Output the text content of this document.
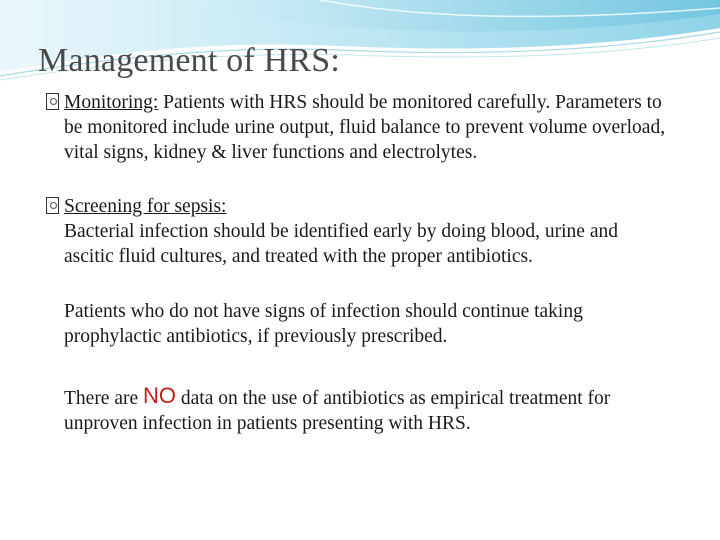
Management of HRS:

Monitoring: Patients with HRS should be monitored carefully. Parameters to be monitored include urine output, fluid balance to prevent volume overload, vital signs, kidney & liver functions and electrolytes.

Screening for sepsis:

Bacterial infection should be identified early by doing blood, urine and ascitic fluid cultures, and treated with the proper antibiotics.

Patients who do not have signs of infection should continue taking prophylactic antibiotics, if previously prescribed.

There are NO data on the use of antibiotics as empirical treatment for unproven infection in patients presenting with HRS.
